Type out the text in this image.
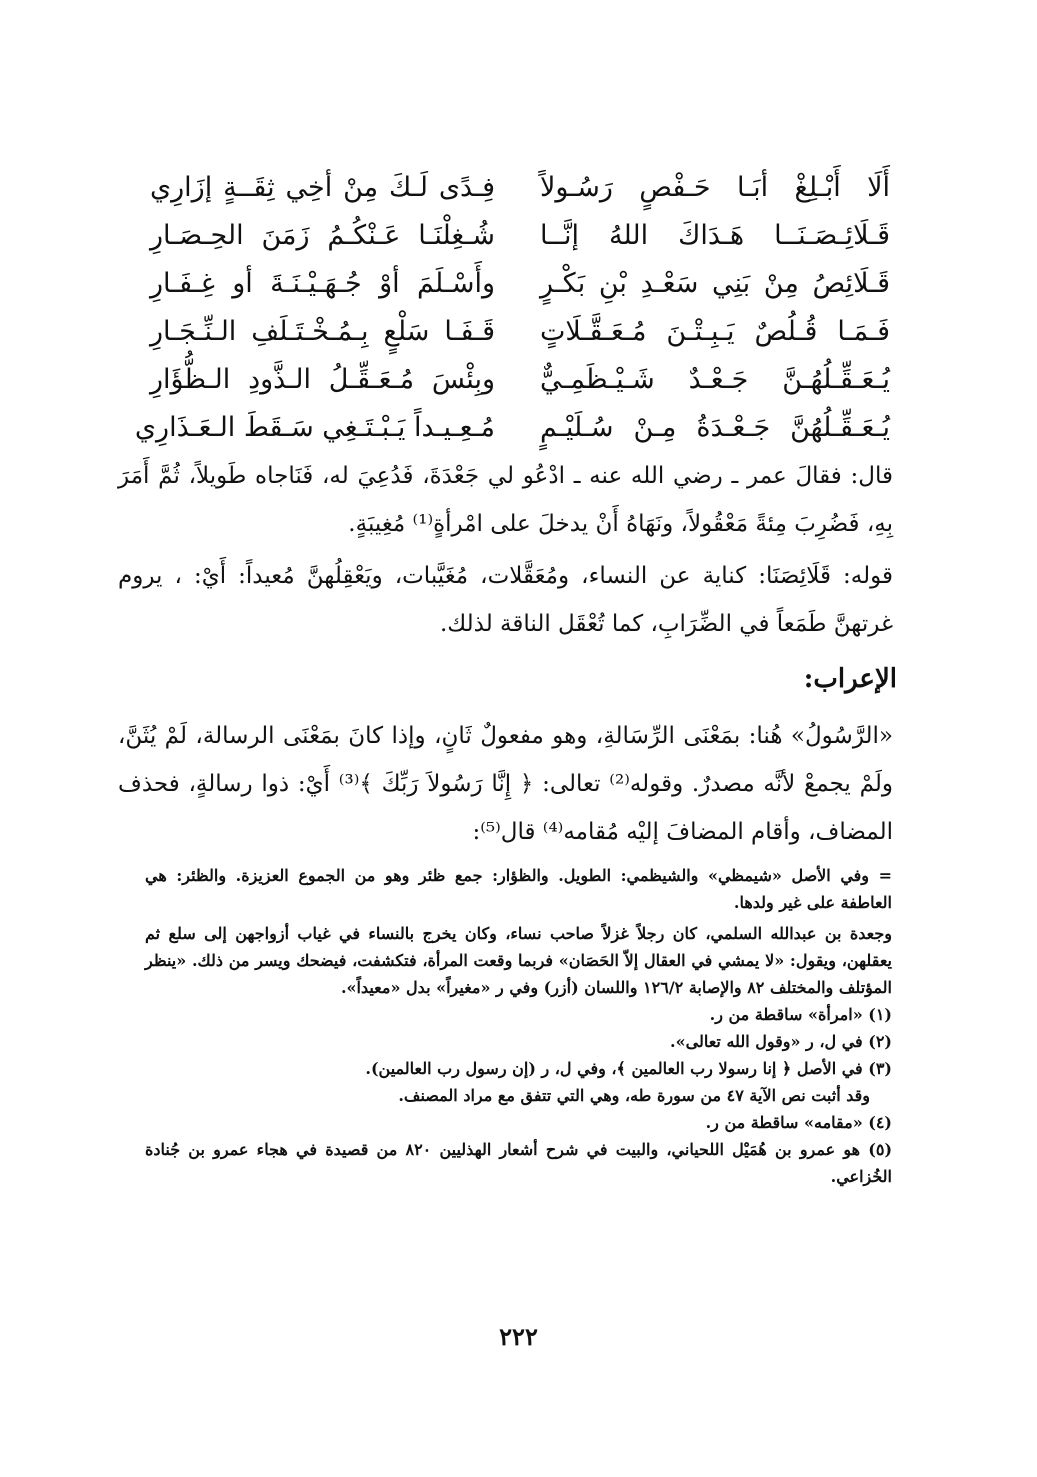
أَلَا أَبْـلِغْ أبَـا حَـفْصٍ رَسُـولاً
فِـدًى لَـكَ مِنْ أخِي ثِقَــةٍ إزَارِي
قَـلَائِـصَـنَــا هَـدَاكَ اللهُ إنَّــا
شُـغِلْنَـا عَـنْكُـمُ زَمَنَ الحِـصَـارِ
قَـلَائِصُ مِنْ بَنِي سَعْـدِ بْنِ بَكْـرٍ
وأَسْـلَمَ أوْ جُـهَـيْـنَـةَ أو غِـفَـارِ
فَـمَـا قُـلُصٌ يَـبِـتْـنَ مُـعَـقَّـلَاتٍ
قَـفَـا سَلْعٍ بِـمُـخْـتَـلَفِ الـنِّـجَـارِ
يُـعَـقِّـلُهُـنَّ جَـعْـدٌ شَـيْـظَمِـيٌّ
وبِئْسَ مُـعَـقِّـلُ الـذَّودِ الـظُّؤَارِ
يُـعَـقِّـلُهُنَّ جَـعْـدَةُ مِـنْ سُـلَيْـمٍ
مُـعِـيـداً يَـبْـتَـغِي سَـقَطَ الـعَـذَارِي

قال: فقالَ عمر ـ رضي الله عنه ـ ادْعُو لي جَعْدَةَ، فَدُعِيَ له، فَنَاجاه طَويلاً، ثُمَّ أَمَرَ بِهِ، فَضُرِبَ مِئةً مَعْقُولاً، ونَهَاهُ أَنْ يدخلَ على امْرأةٍ⁽¹⁾ مُغِيبَةٍ.

قوله: قَلَائِصَنَا: كناية عن النساء، ومُعَقَّلات، مُغَيَّبات، ويَعْقِلُهنَّ مُعيداً: أَيْ: ، يروم غرتهنَّ طَمَعاً في الضِّرَابِ، كما تُعْقَل الناقة لذلك.

الإعراب:

«الرَّسُولُ» هُنا: بمَعْنَى الرِّسَالةِ، وهو مفعولٌ ثَانٍ، وإذا كانَ بمَعْنَى الرسالة، لَمْ يُثَنَّ، ولَمْ يجمعْ لأنَّه مصدرٌ. وقوله⁽²⁾ تعالى: ﴿ إِنَّا رَسُولاَ رَبِّكَ ﴾⁽³⁾ أَيْ: ذوا رسالةٍ، فحذف المضاف، وأقام المضافَ إليْه مُقامه⁽⁴⁾ قال⁽⁵⁾:

= وفي الأصل «شيمظي» والشيظمي: الطويل. والظؤار: جمع ظئر وهو من الجموع العزيزة. والظئر: هي العاطفة على غير ولدها.
وجعدة بن عبدالله السلمي، كان رجلاً غزلاً صاحب نساء، وكان يخرج بالنساء في غياب أزواجهن إلى سلع ثم يعقلهن، ويقول: «لا يمشي في العقال إلاّ الحَصَان» فربما وقعت المرأة، فتكشفت، فيضحك ويسر من ذلك. «ينظر المؤتلف والمختلف ٨٢ والإصابة ١٢٦/٢ واللسان (أزر) وفي ر «مغيراً» بدل «معيداً».
(١) «امرأة» ساقطة من ر.
(٢) في ل، ر «وقول الله تعالى».
(٣) في الأصل ﴿ إنا رسولا رب العالمين ﴾، وفي ل، ر (إن رسول رب العالمين).
وقد أثبت نص الآية ٤٧ من سورة طه، وهي التي تتفق مع مراد المصنف.
(٤) «مقامه» ساقطة من ر.
(٥) هو عمرو بن هُمَيْل اللحياني، والبيت في شرح أشعار الهذليين ٨٢٠ من قصيدة في هجاء عمرو بن جُنادة الخُزاعي.
٢٢٢
